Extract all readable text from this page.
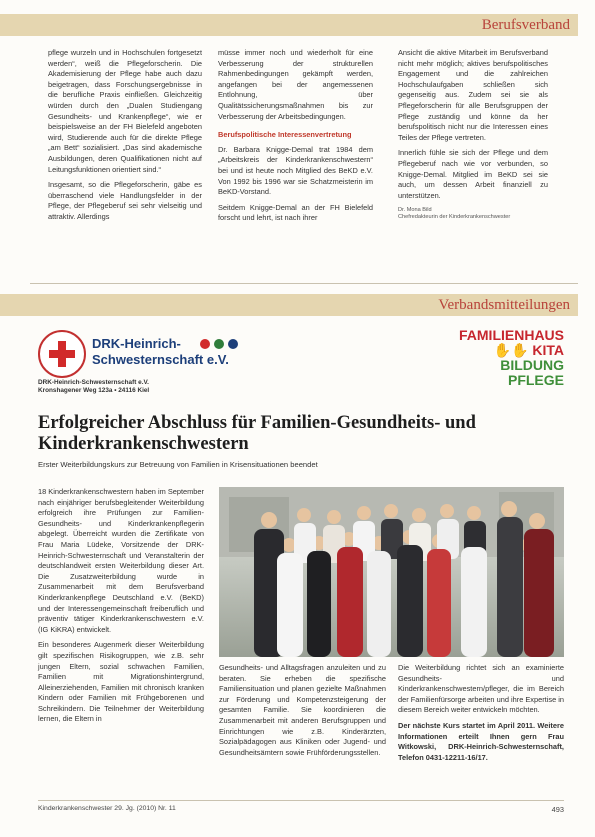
Berufsverband

pflege wurzeln und in Hochschulen fortgesetzt werden“, weiß die Pflegeforscherin. Die Akademisierung der Pflege habe auch dazu beigetragen, dass Forschungsergebnisse in die berufliche Praxis einfließen. Gleichzeitig würden durch den „Dualen Studiengang Gesundheits- und Krankenpflege“, wie er beispielsweise an der FH Bielefeld angeboten wird, Studierende auch für die direkte Pflege „am Bett“ sozialisiert. „Das sind akademische Ausbildungen, deren Qualifikationen nicht auf Leitungsfunktionen orientiert sind.“

Insgesamt, so die Pflegeforscherin, gäbe es überraschend viele Handlungsfelder in der Pflege, der Pflegeberuf sei sehr vielseitig und attraktiv. Allerdings

müsse immer noch und wiederholt für eine Verbesserung der strukturellen Rahmenbedingungen gekämpft werden, angefangen bei der angemessenen Entlohnung, über Qualitätssicherungsmaßnahmen bis zur Verbesserung der Arbeitsbedingungen.

Berufspolitische Interessenvertretung

Dr. Barbara Knigge-Demal trat 1984 dem „Arbeitskreis der Kinderkrankenschwestern“ bei und ist heute noch Mitglied des BeKD e.V. Von 1992 bis 1996 war sie Schatzmeisterin im BeKD-Vorstand.

Seitdem Knigge-Demal an der FH Bielefeld forscht und lehrt, ist nach ihrer

Ansicht die aktive Mitarbeit im Berufsverband nicht mehr möglich; aktives berufspolitisches Engagement und die zahlreichen Hochschulaufgaben schließen sich gegenseitig aus. Zudem sei sie als Pflegeforscherin für alle Berufsgruppen der Pflege zuständig und könne da her berufspolitisch nicht nur die Interessen eines Teiles der Pflege vertreten.

Innerlich fühle sie sich der Pflege und dem Pflegeberuf nach wie vor verbunden, so Knigge-Demal. Mitglied im BeKD sei sie auch, um dessen Arbeit finanziell zu unterstützen.

Dr. Mona Bild
Chefredakteurin der Kinderkrankenschwester
Verbandsmitteilungen
DRK-Heinrich-
Schwesternschaft e.V.
DRK-Heinrich-Schwesternschaft e.V.
Kronshagener Weg 123a • 24116 Kiel
FAMILIENHAUS
✋✋ KITA
BILDUNG
PFLEGE
Erfolgreicher Abschluss für Familien-Gesundheits- und Kinderkrankenschwestern
Erster Weiterbildungskurs zur Betreuung von Familien in Krisensituationen beendet

18 Kinderkrankenschwestern haben im September nach einjähriger berufsbegleitender Weiterbildung erfolgreich ihre Prüfungen zur Familien-Gesundheits- und Kinderkrankenpflegerin abgelegt. Überreicht wurden die Zertifikate von Frau Maria Lüdeke, Vorsitzende der DRK-Heinrich-Schwesternschaft und Veranstalterin der deutschlandweit ersten Weiterbildung dieser Art. Die Zusatzweiterbildung wurde in Zusammenarbeit mit dem Berufsverband Kinderkrankenpflege Deutschland e.V. (BeKD) und der Interessengemeinschaft freiberuflich und präventiv tätiger Kinderkrankenschwestern e.V. (IG KiKRA) entwickelt.

Ein besonderes Augenmerk dieser Weiterbildung gilt spezifischen Risikogruppen, wie z.B. sehr jungen Eltern, sozial schwachen Familien, Familien mit Migrationshintergrund, Alleinerziehenden, Familien mit chronisch kranken Kindern oder Familien mit Frühgeborenen und Schreikindern. Die Teilnehmer der Weiterbildung lernen, die Eltern in

Gesundheits- und Alltagsfragen anzuleiten und zu beraten. Sie erheben die spezifische Familiensituation und planen gezielte Maßnahmen zur Förderung und Kompetenzsteigerung der gesamten Familie. Sie koordinieren die Zusammenarbeit mit anderen Berufsgruppen und Einrichtungen wie z.B. Kinderärzten, Sozialpädagogen aus Kliniken oder Jugend- und Gesundheitsämtern sowie Frühförderungsstellen.

Die Weiterbildung richtet sich an examinierte Gesundheits- und Kinderkrankenschwestern/pfleger, die im Bereich der Familienfürsorge arbeiten und ihre Expertise in diesem Bereich weiter entwickeln möchten.

Der nächste Kurs startet im April 2011. Weitere Informationen erteilt Ihnen gern Frau Witkowski, DRK-Heinrich-Schwesternschaft, Telefon 0431-12211-16/17.

Kinderkrankenschwester 29. Jg. (2010) Nr. 11	493
